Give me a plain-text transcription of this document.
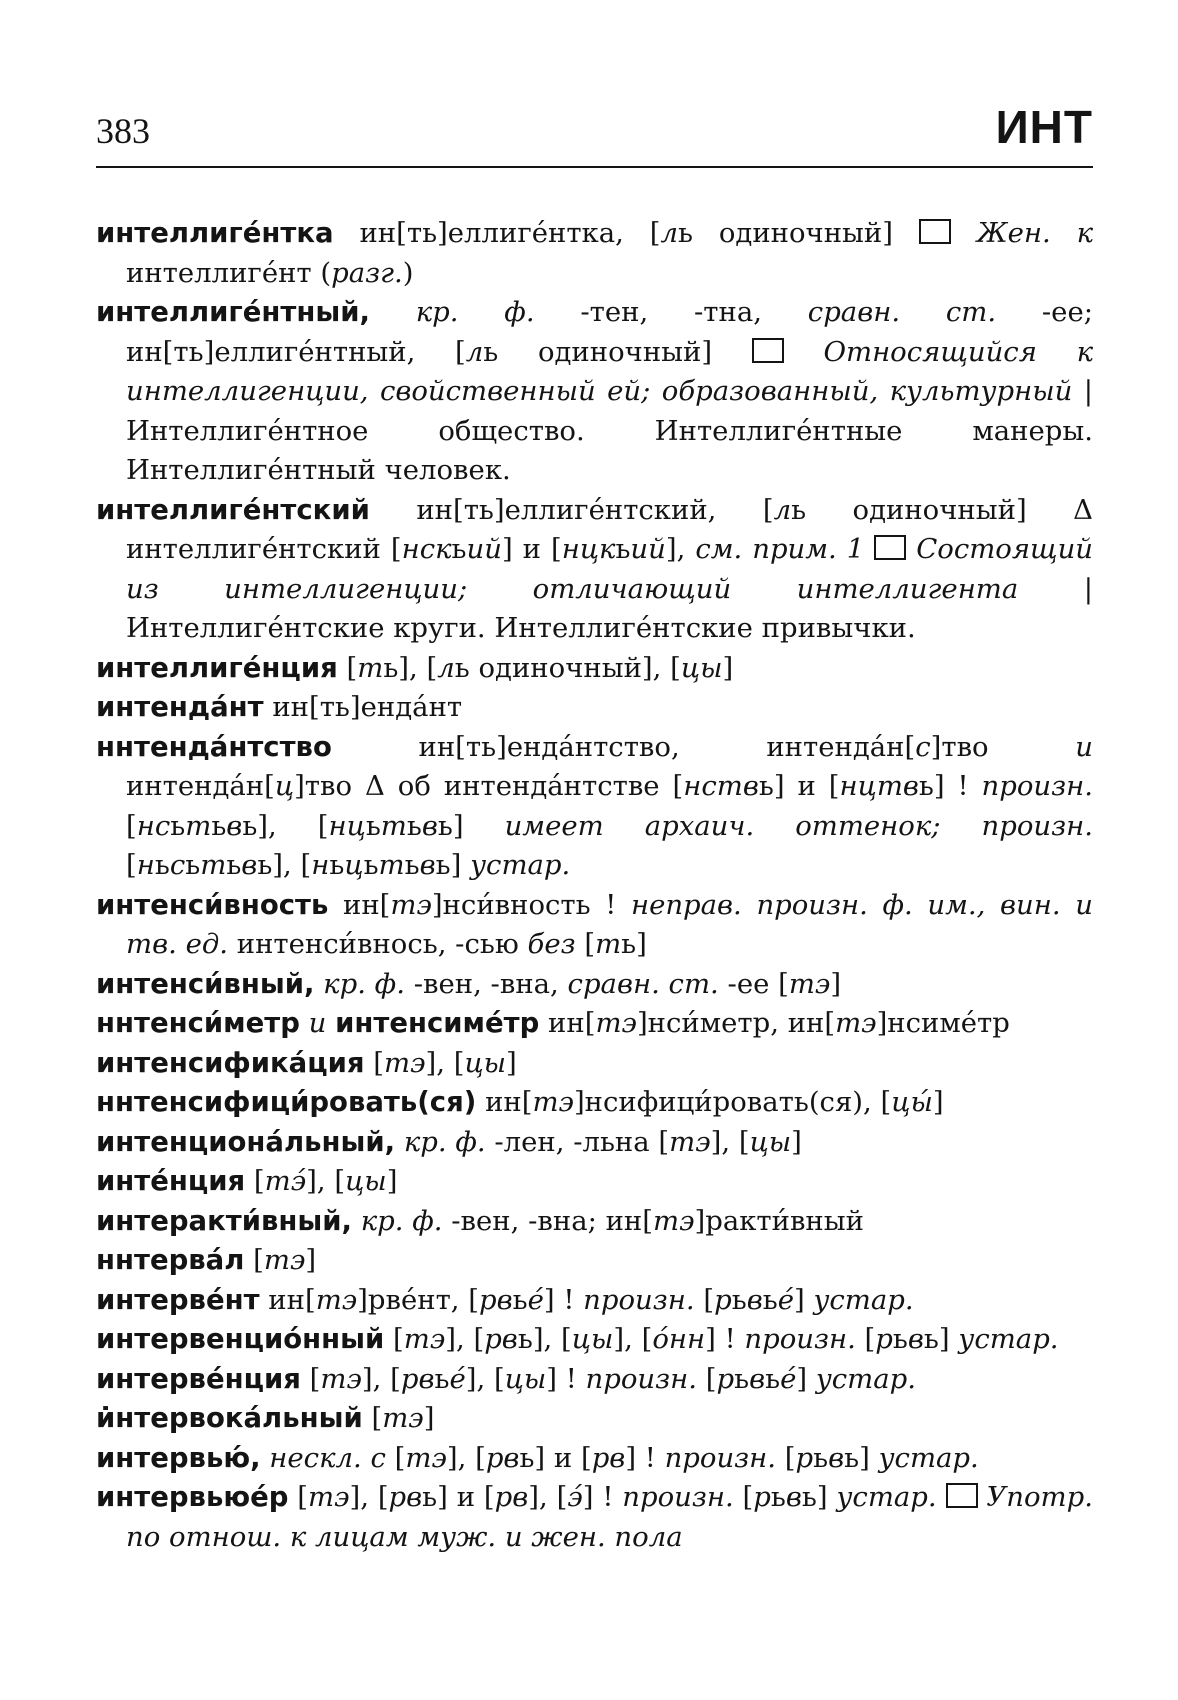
383	ИНТ

интеллиге́нтка ин[ть]еллиге́нтка, [ль одиночный]  Жен. к интеллиге́нт (разг.)

интеллиге́нтный, кр. ф. -тен, -тна, сравн. ст. -ее; ин[ть]еллиге́нтный, [ль одиночный]  Относящийся к интеллигенции, свойственный ей; образованный, культурный | Интеллиге́нтное общество. Интеллиге́нтные манеры. Интеллиге́нтный человек.

интеллиге́нтский ин[ть]еллиге́нтский, [ль одиночный] Δ интеллиге́нтский [нскьий] и [нцкьий], см. прим. 1  Состоящий из интеллигенции; отличающий интеллигента | Интеллиге́нтские круги. Интеллиге́нтские привычки.

интеллиге́нция [ть], [ль одиночный], [цы]

интенда́нт ин[ть]енда́нт

ннтенда́нтство ин[ть]енда́нтство, интенда́н[с]тво и интенда́н[ц]тво Δ об интенда́нтстве [нствь] и [нцтвь] ! произн. [нсьтьвь], [нцьтьвь] имеет архаич. оттенок; произн. [ньсьтьвь], [ньцьтьвь] устар.

интенси́вность ин[тэ]нси́вность ! неправ. произн. ф. им., вин. и тв. ед. интенси́внось, -сью без [ть]

интенси́вный, кр. ф. -вен, -вна, сравн. ст. -ее [тэ]

ннтенси́метр и интенсиме́тр ин[тэ]нси́метр, ин[тэ]нсиме́тр

интенсифика́ция [тэ], [цы]

ннтенсифици́ровать(ся) ин[тэ]нсифици́ровать(ся), [цы́]

интенциона́льный, кр. ф. -лен, -льна [тэ], [цы]

инте́нция [тэ́], [цы]

интеракти́вный, кр. ф. -вен, -вна; ин[тэ]ракти́вный

ннтерва́л [тэ]

интерве́нт ин[тэ]рве́нт, [рвье́] ! произн. [рьвье́] устар.

интервенцио́нный [тэ], [рвь], [цы], [о́нн] ! произн. [рьвь] устар.

интерве́нция [тэ], [рвье́], [цы] ! произн. [рьвье́] устар.

и̇нтервока́льный [тэ]

интервью́, нескл. с [тэ], [рвь] и [рв] ! произн. [рьвь] устар.

интервьюе́р [тэ], [рвь] и [рв], [э́] ! произн. [рьвь] устар.  Употр. по отнош. к лицам муж. и жен. пола
